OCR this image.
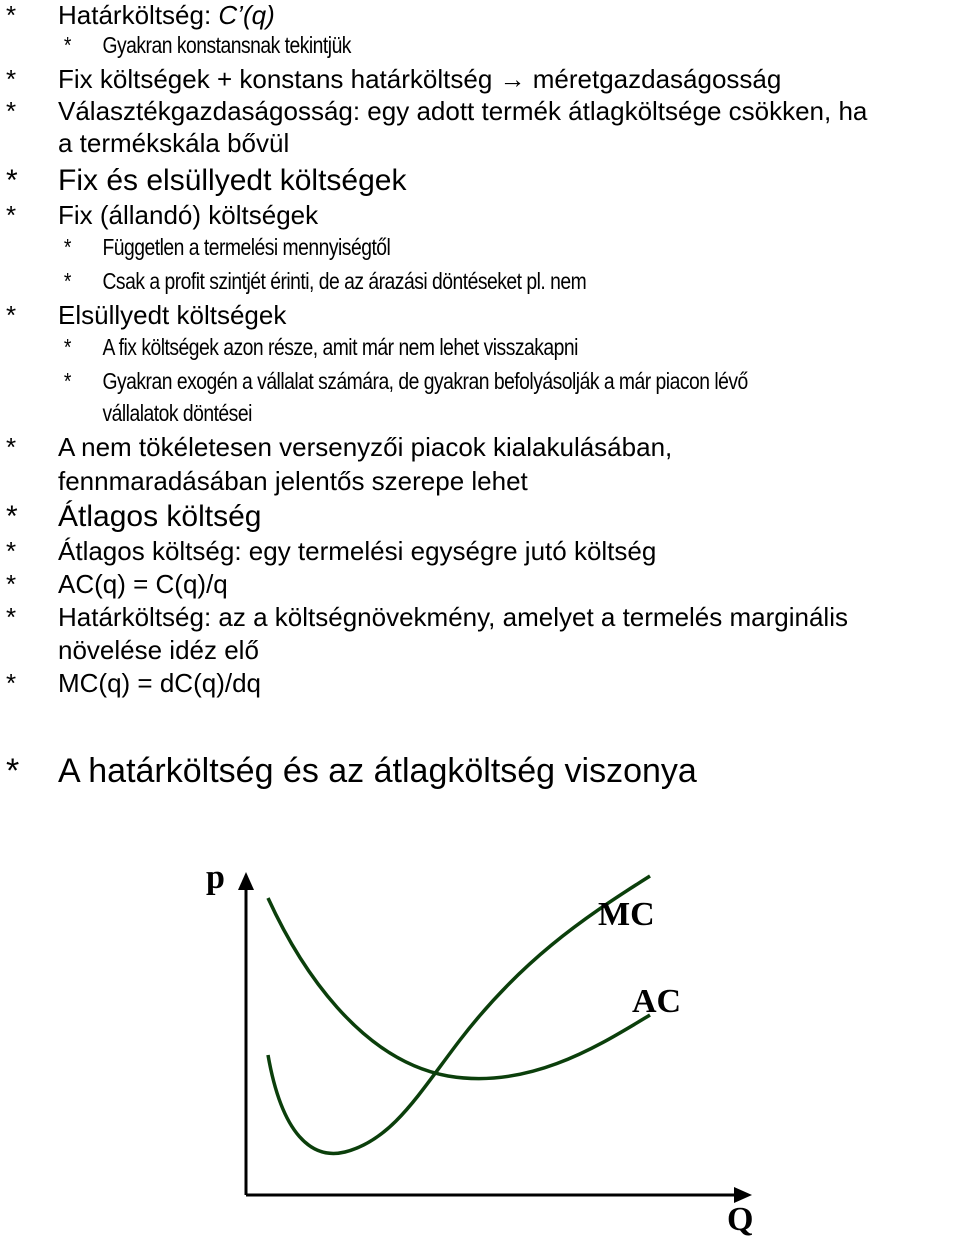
* Határköltség: C’(q)
* Gyakran konstansnak tekintjük
* Fix költségek + konstans határköltség → méretgazdaságosság
* Választékgazdaságosság: egy adott termék átlagköltsége csökken, ha
a termékskála bővül
* Fix és elsüllyedt költségek
* Fix (állandó) költségek
* Független a termelési mennyiségtől
* Csak a profit szintjét érinti, de az árazási döntéseket pl. nem
* Elsüllyedt költségek
* A fix költségek azon része, amit már nem lehet visszakapni
* Gyakran exogén a vállalat számára, de gyakran befolyásolják a már piacon lévő
vállalatok döntései
* A nem tökéletesen versenyzői piacok kialakulásában,
fennmaradásában jelentős szerepe lehet
* Átlagos költség
* Átlagos költség: egy termelési egységre jutó költség
* AC(q) = C(q)/q
* Határköltség: az a költségnövekmény, amelyet a termelés marginális
növelése idéz elő
* MC(q) = dC(q)/dq
* A határköltség és az átlagköltség viszonya
p
MC
AC
Q
